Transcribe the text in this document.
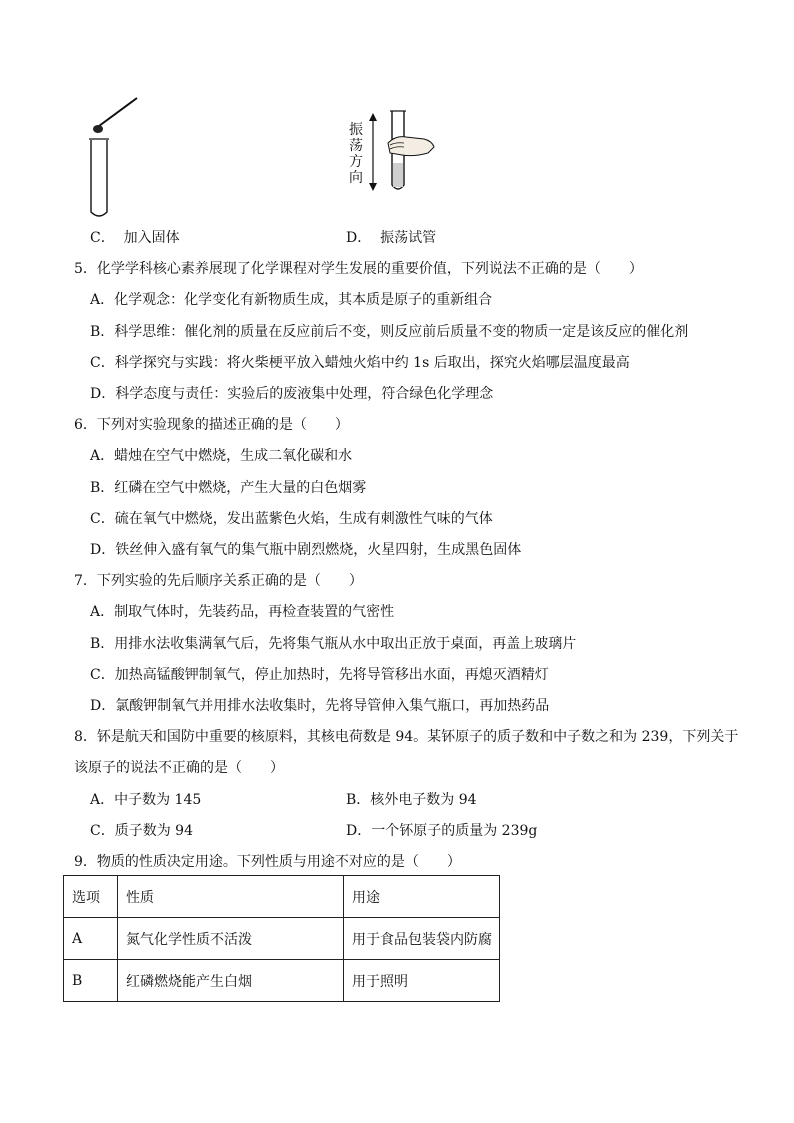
振
荡
方
向
C． 加入固体	D． 振荡试管
5．化学学科核心素养展现了化学课程对学生发展的重要价值，下列说法不正确的是（　　）
A．化学观念：化学变化有新物质生成，其本质是原子的重新组合
B．科学思维：催化剂的质量在反应前后不变，则反应前后质量不变的物质一定是该反应的催化剂
C．科学探究与实践：将火柴梗平放入蜡烛火焰中约 1s 后取出，探究火焰哪层温度最高
D．科学态度与责任：实验后的废液集中处理，符合绿色化学理念
6．下列对实验现象的描述正确的是（　　）
A．蜡烛在空气中燃烧，生成二氧化碳和水
B．红磷在空气中燃烧，产生大量的白色烟雾
C．硫在氧气中燃烧，发出蓝紫色火焰，生成有刺激性气味的气体
D．铁丝伸入盛有氧气的集气瓶中剧烈燃烧，火星四射，生成黑色固体
7．下列实验的先后顺序关系正确的是（　　）
A．制取气体时，先装药品，再检查装置的气密性
B．用排水法收集满氧气后，先将集气瓶从水中取出正放于桌面，再盖上玻璃片
C．加热高锰酸钾制氧气，停止加热时，先将导管移出水面，再熄灭酒精灯
D．氯酸钾制氧气并用排水法收集时，先将导管伸入集气瓶口，再加热药品
8．钚是航天和国防中重要的核原料，其核电荷数是 94。某钚原子的质子数和中子数之和为 239，下列关于
该原子的说法不正确的是（　　）
A．中子数为 145	B．核外电子数为 94
C．质子数为 94	D．一个钚原子的质量为 239g
9．物质的性质决定用途。下列性质与用途不对应的是（　　）
选项	性质	用途
A	氮气化学性质不活泼	用于食品包装袋内防腐
B	红磷燃烧能产生白烟	用于照明
